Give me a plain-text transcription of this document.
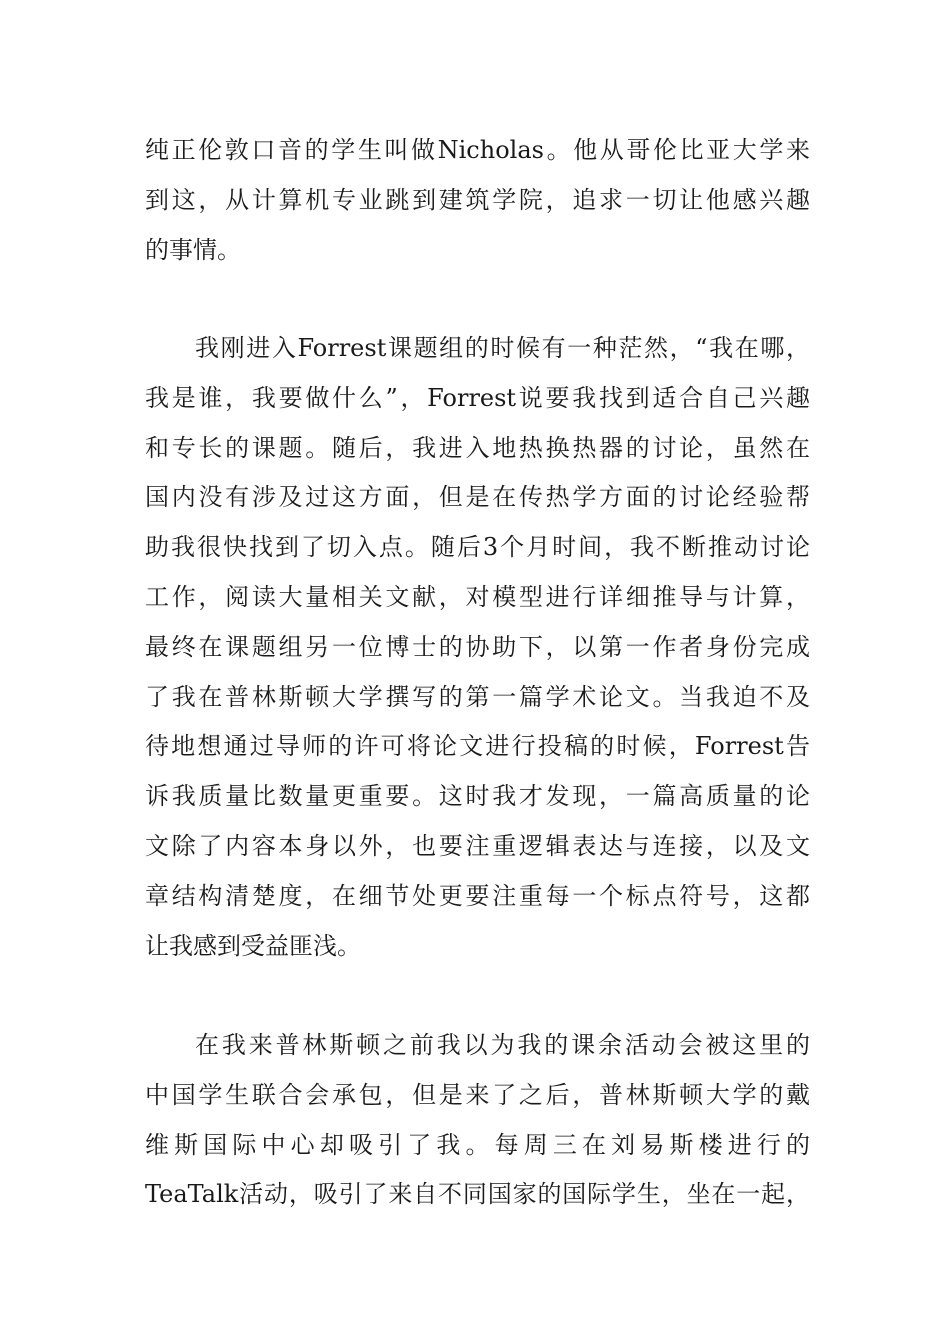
纯正伦敦口音的学生叫做Nicholas。他从哥伦比亚大学来
到这，从计算机专业跳到建筑学院，追求一切让他感兴趣
的事情。
我刚进入Forrest课题组的时候有一种茫然，“我在哪，
我是谁，我要做什么”，Forrest说要我找到适合自己兴趣
和专长的课题。随后，我进入地热换热器的讨论，虽然在
国内没有涉及过这方面，但是在传热学方面的讨论经验帮
助我很快找到了切入点。随后3个月时间，我不断推动讨论
工作，阅读大量相关文献，对模型进行详细推导与计算，
最终在课题组另一位博士的协助下，以第一作者身份完成
了我在普林斯顿大学撰写的第一篇学术论文。当我迫不及
待地想通过导师的许可将论文进行投稿的时候，Forrest告
诉我质量比数量更重要。这时我才发现，一篇高质量的论
文除了内容本身以外，也要注重逻辑表达与连接，以及文
章结构清楚度，在细节处更要注重每一个标点符号，这都
让我感到受益匪浅。
在我来普林斯顿之前我以为我的课余活动会被这里的
中国学生联合会承包，但是来了之后，普林斯顿大学的戴
维斯国际中心却吸引了我。每周三在刘易斯楼进行的
TeaTalk活动，吸引了来自不同国家的国际学生，坐在一起，
